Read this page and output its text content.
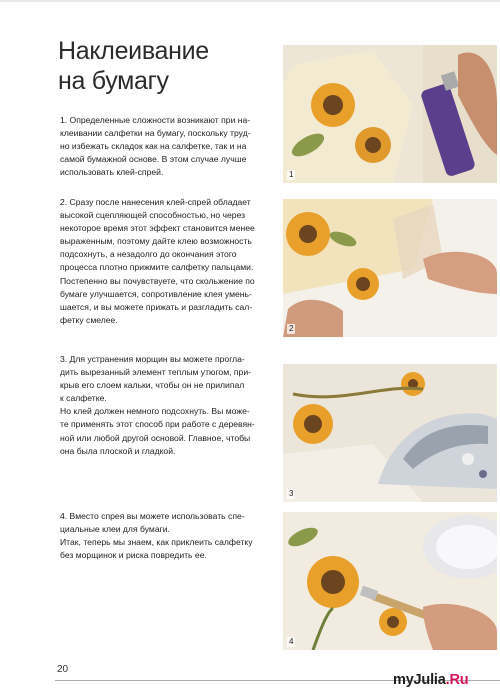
Наклеивание
на бумагу

1. Определенные сложности возникают при на-
клеивании салфетки на бумагу, поскольку труд-
но избежать складок как на салфетке, так и на
самой бумажной основе. В этом случае лучше
использовать клей-спрей.

2. Сразу после нанесения клей-спрей обладает
высокой сцепляющей способностью, но через
некоторое время этот эффект становится менее
выраженным, поэтому дайте клею возможность
подсохнуть, а незадолго до окончания этого
процесса плотно прижмите салфетку пальцами.
Постепенно вы почувствуете, что скольжение по
бумаге улучшается, сопротивление клея умень-
шается, и вы можете прижать и разгладить сал-
фетку смелее.

3. Для устранения морщин вы можете прогла-
дить вырезанный элемент теплым утюгом, при-
крыв его слоем кальки, чтобы он не прилипал
к салфетке.
Но клей должен немного подсохнуть. Вы може-
те применять этот способ при работе с деревян-
ной или любой другой основой. Главное, чтобы
она была плоской и гладкой.

4. Вместо спрея вы можете использовать спе-
циальные клеи для бумаги.
Итак, теперь мы знаем, как приклеить салфетку
без морщинок и риска повредить ее.

1
2
3
4
20
myJulia.Ru
